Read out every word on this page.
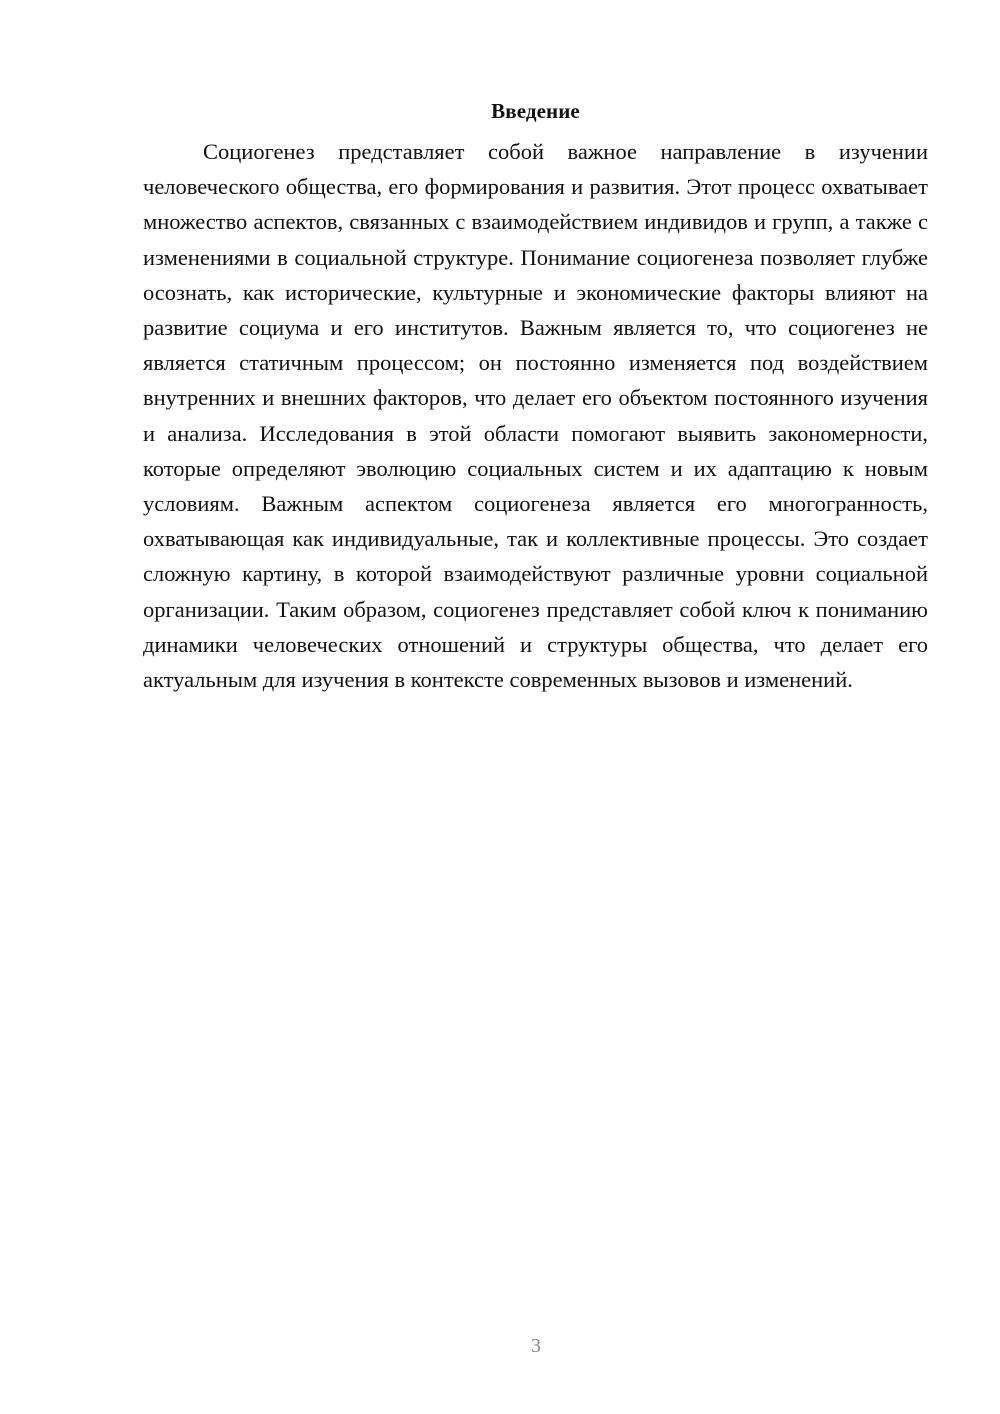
Введение

Социогенез представляет собой важное направление в изучении человеческого общества, его формирования и развития. Этот процесс охватывает множество аспектов, связанных с взаимодействием индивидов и групп, а также с изменениями в социальной структуре. Понимание социогенеза позволяет глубже осознать, как исторические, культурные и экономические факторы влияют на развитие социума и его институтов. Важным является то, что социогенез не является статичным процессом; он постоянно изменяется под воздействием внутренних и внешних факторов, что делает его объектом постоянного изучения и анализа. Исследования в этой области помогают выявить закономерности, которые определяют эволюцию социальных систем и их адаптацию к новым условиям. Важным аспектом социогенеза является его многогранность, охватывающая как индивидуальные, так и коллективные процессы. Это создает сложную картину, в которой взаимодействуют различные уровни социальной организации. Таким образом, социогенез представляет собой ключ к пониманию динамики человеческих отношений и структуры общества, что делает его актуальным для изучения в контексте современных вызовов и изменений.

3
